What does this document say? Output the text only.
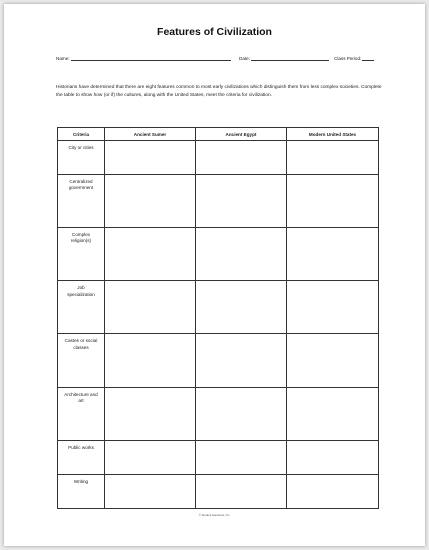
Features of Civilization
Name:	Date:	Class Period:
Historians have determined that there are eight features common to most early civilizations which distinguish them from less complex societies. Complete the table to show how (or if) the cultures, along with the United States, meet the criteria for civilization.
Criteria	Ancient Sumer	Ancient Egypt	Modern United States
City or cities			
Centralized government			
Complex religion(s)			
Job specialization			
Castes or social classes			
Architecture and art			
Public works			
Writing			
© Student Handouts, Inc.
